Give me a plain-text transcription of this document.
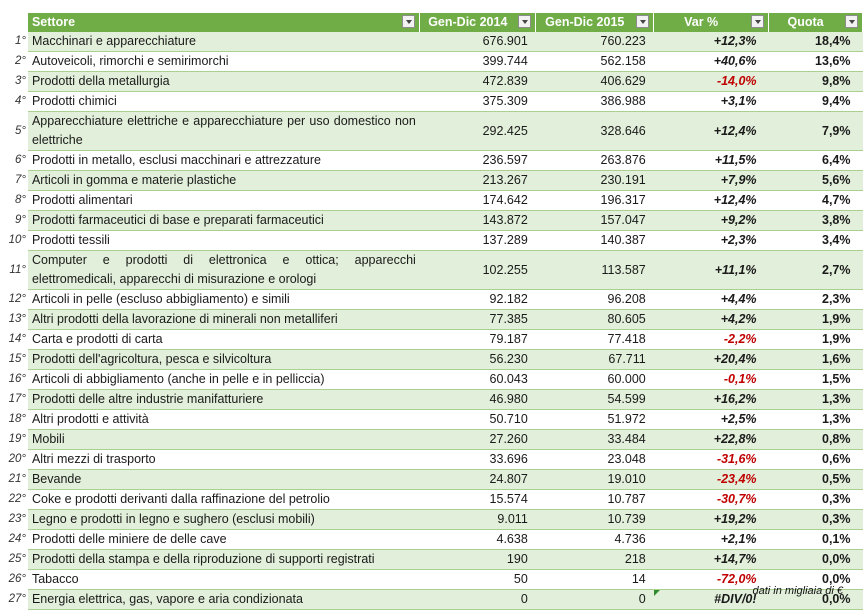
	Settore	Gen-Dic 2014	Gen-Dic 2015	Var %	Quota

1°	Macchinari e apparecchiature	676.901	760.223	+12,3%	18,4%
2°	Autoveicoli, rimorchi e semirimorchi	399.744	562.158	+40,6%	13,6%
3°	Prodotti della metallurgia	472.839	406.629	-14,0%	9,8%
4°	Prodotti chimici	375.309	386.988	+3,1%	9,4%
5°	Apparecchiature elettriche e apparecchiature per uso domestico non elettriche	292.425	328.646	+12,4%	7,9%
6°	Prodotti in metallo, esclusi macchinari e attrezzature	236.597	263.876	+11,5%	6,4%
7°	Articoli in gomma e materie plastiche	213.267	230.191	+7,9%	5,6%
8°	Prodotti alimentari	174.642	196.317	+12,4%	4,7%
9°	Prodotti farmaceutici di base e preparati farmaceutici	143.872	157.047	+9,2%	3,8%
10°	Prodotti tessili	137.289	140.387	+2,3%	3,4%
11°	Computer e prodotti di elettronica e ottica; apparecchi elettromedicali, apparecchi di misurazione e orologi	102.255	113.587	+11,1%	2,7%
12°	Articoli in pelle (escluso abbigliamento) e simili	92.182	96.208	+4,4%	2,3%
13°	Altri prodotti della lavorazione di minerali non metalliferi	77.385	80.605	+4,2%	1,9%
14°	Carta e prodotti di carta	79.187	77.418	-2,2%	1,9%
15°	Prodotti dell'agricoltura, pesca e silvicoltura	56.230	67.711	+20,4%	1,6%
16°	Articoli di abbigliamento (anche in pelle e in pelliccia)	60.043	60.000	-0,1%	1,5%
17°	Prodotti delle altre industrie manifatturiere	46.980	54.599	+16,2%	1,3%
18°	Altri prodotti e attività	50.710	51.972	+2,5%	1,3%
19°	Mobili	27.260	33.484	+22,8%	0,8%
20°	Altri mezzi di trasporto	33.696	23.048	-31,6%	0,6%
21°	Bevande	24.807	19.010	-23,4%	0,5%
22°	Coke e prodotti derivanti dalla raffinazione del petrolio	15.574	10.787	-30,7%	0,3%
23°	Legno e prodotti in legno e sughero (esclusi mobili)	9.011	10.739	+19,2%	0,3%
24°	Prodotti delle miniere de delle cave	4.638	4.736	+2,1%	0,1%
25°	Prodotti della stampa e della riproduzione di supporti registrati	190	218	+14,7%	0,0%
26°	Tabacco	50	14	-72,0%	0,0%
27°	Energia elettrica, gas, vapore e aria condizionata	0	0	#DIV/0!	0,0%
dati in migliaia di €
